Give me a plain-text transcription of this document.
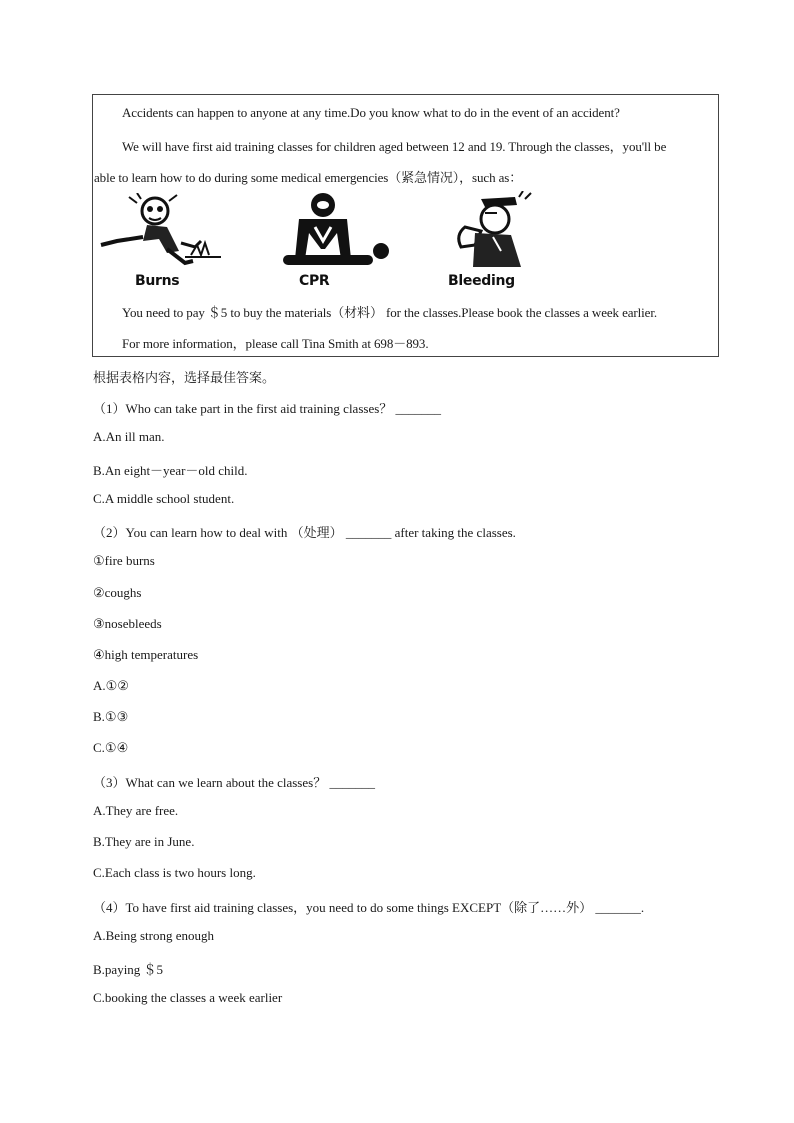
Accidents can happen to anyone at any time.Do you know what to do in the event of an accident?
We will have first aid training classes for children aged between 12 and 19. Through the classes，you'll be
able to learn how to do during some medical emergencies（紧急情况），such as：
Burns	CPR	Bleeding
You need to pay ＄5 to buy the materials（材料） for the classes.Please book the classes a week earlier.
For more information，please call Tina Smith at 698－893.
根据表格内容，选择最佳答案。
（1）Who can take part in the first aid training classes？ _______
A.An ill man.
B.An eight－year－old child.
C.A middle school student.
（2）You can learn how to deal with （处理） _______ after taking the classes.
①fire burns
②coughs
③nosebleeds
④high temperatures
A.①②
B.①③
C.①④
（3）What can we learn about the classes？ _______
A.They are free.
B.They are in June.
C.Each class is two hours long.
（4）To have first aid training classes，you need to do some things EXCEPT（除了……外） _______.
A.Being strong enough
B.paying ＄5
C.booking the classes a week earlier
